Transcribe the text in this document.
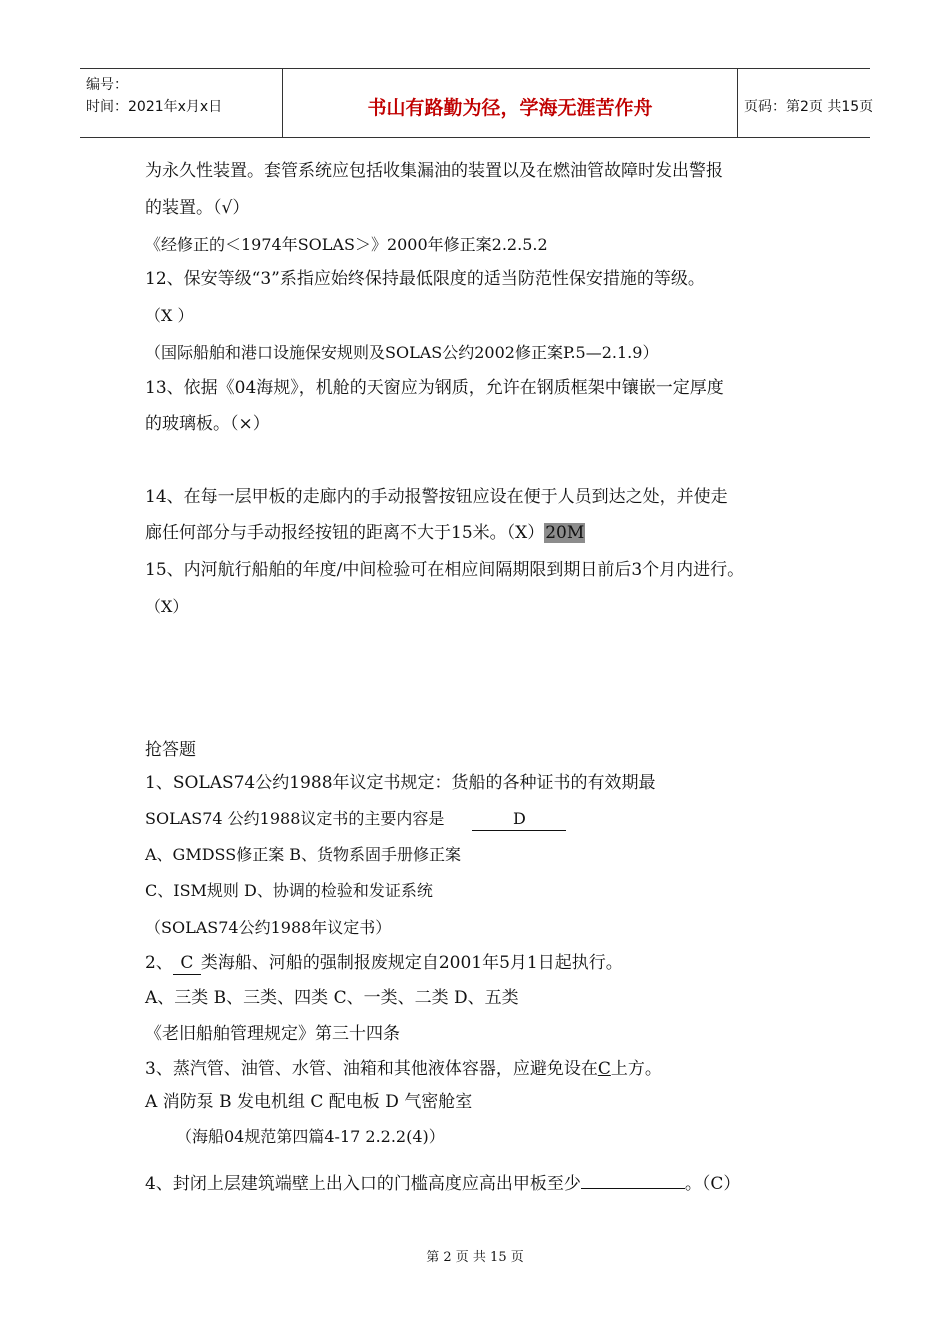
编号：
时间：2021年x月x日	书山有路勤为径，学海无涯苦作舟	页码：第2页 共15页
为永久性装置。套管系统应包括收集漏油的装置以及在燃油管故障时发出警报
的装置。（√）
《经修正的＜1974年SOLAS＞》2000年修正案2.2.5.2
12、保安等级“3”系指应始终保持最低限度的适当防范性保安措施的等级。
（X ）
（国际船舶和港口设施保安规则及SOLAS公约2002修正案P.5—2.1.9）
13、依据《04海规》，机舱的天窗应为钢质，允许在钢质框架中镶嵌一定厚度
的玻璃板。（×）
14、在每一层甲板的走廊内的手动报警按钮应设在便于人员到达之处，并使走
廊任何部分与手动报经按钮的距离不大于15米。（X）20M
15、内河航行船舶的年度/中间检验可在相应间隔期限到期日前后3个月内进行。
（X）
抢答题
1、SOLAS74公约1988年议定书规定：货船的各种证书的有效期最
SOLAS74 公约1988议定书的主要内容是	D
A、GMDSS修正案 B、货物系固手册修正案
C、ISM规则 D、协调的检验和发证系统
（SOLAS74公约1988年议定书）
2、 C 类海船、河船的强制报废规定自2001年5月1日起执行。
A、三类 B、三类、四类 C、一类、二类 D、五类
《老旧船舶管理规定》第三十四条
3、蒸汽管、油管、水管、油箱和其他液体容器，应避免设在C上方。
A 消防泵 B 发电机组 C 配电板 D 气密舱室
（海船04规范第四篇4-17 2.2.2(4)）
4、封闭上层建筑端壁上出入口的门槛高度应高出甲板至少	。（C）
第 2 页 共 15 页
